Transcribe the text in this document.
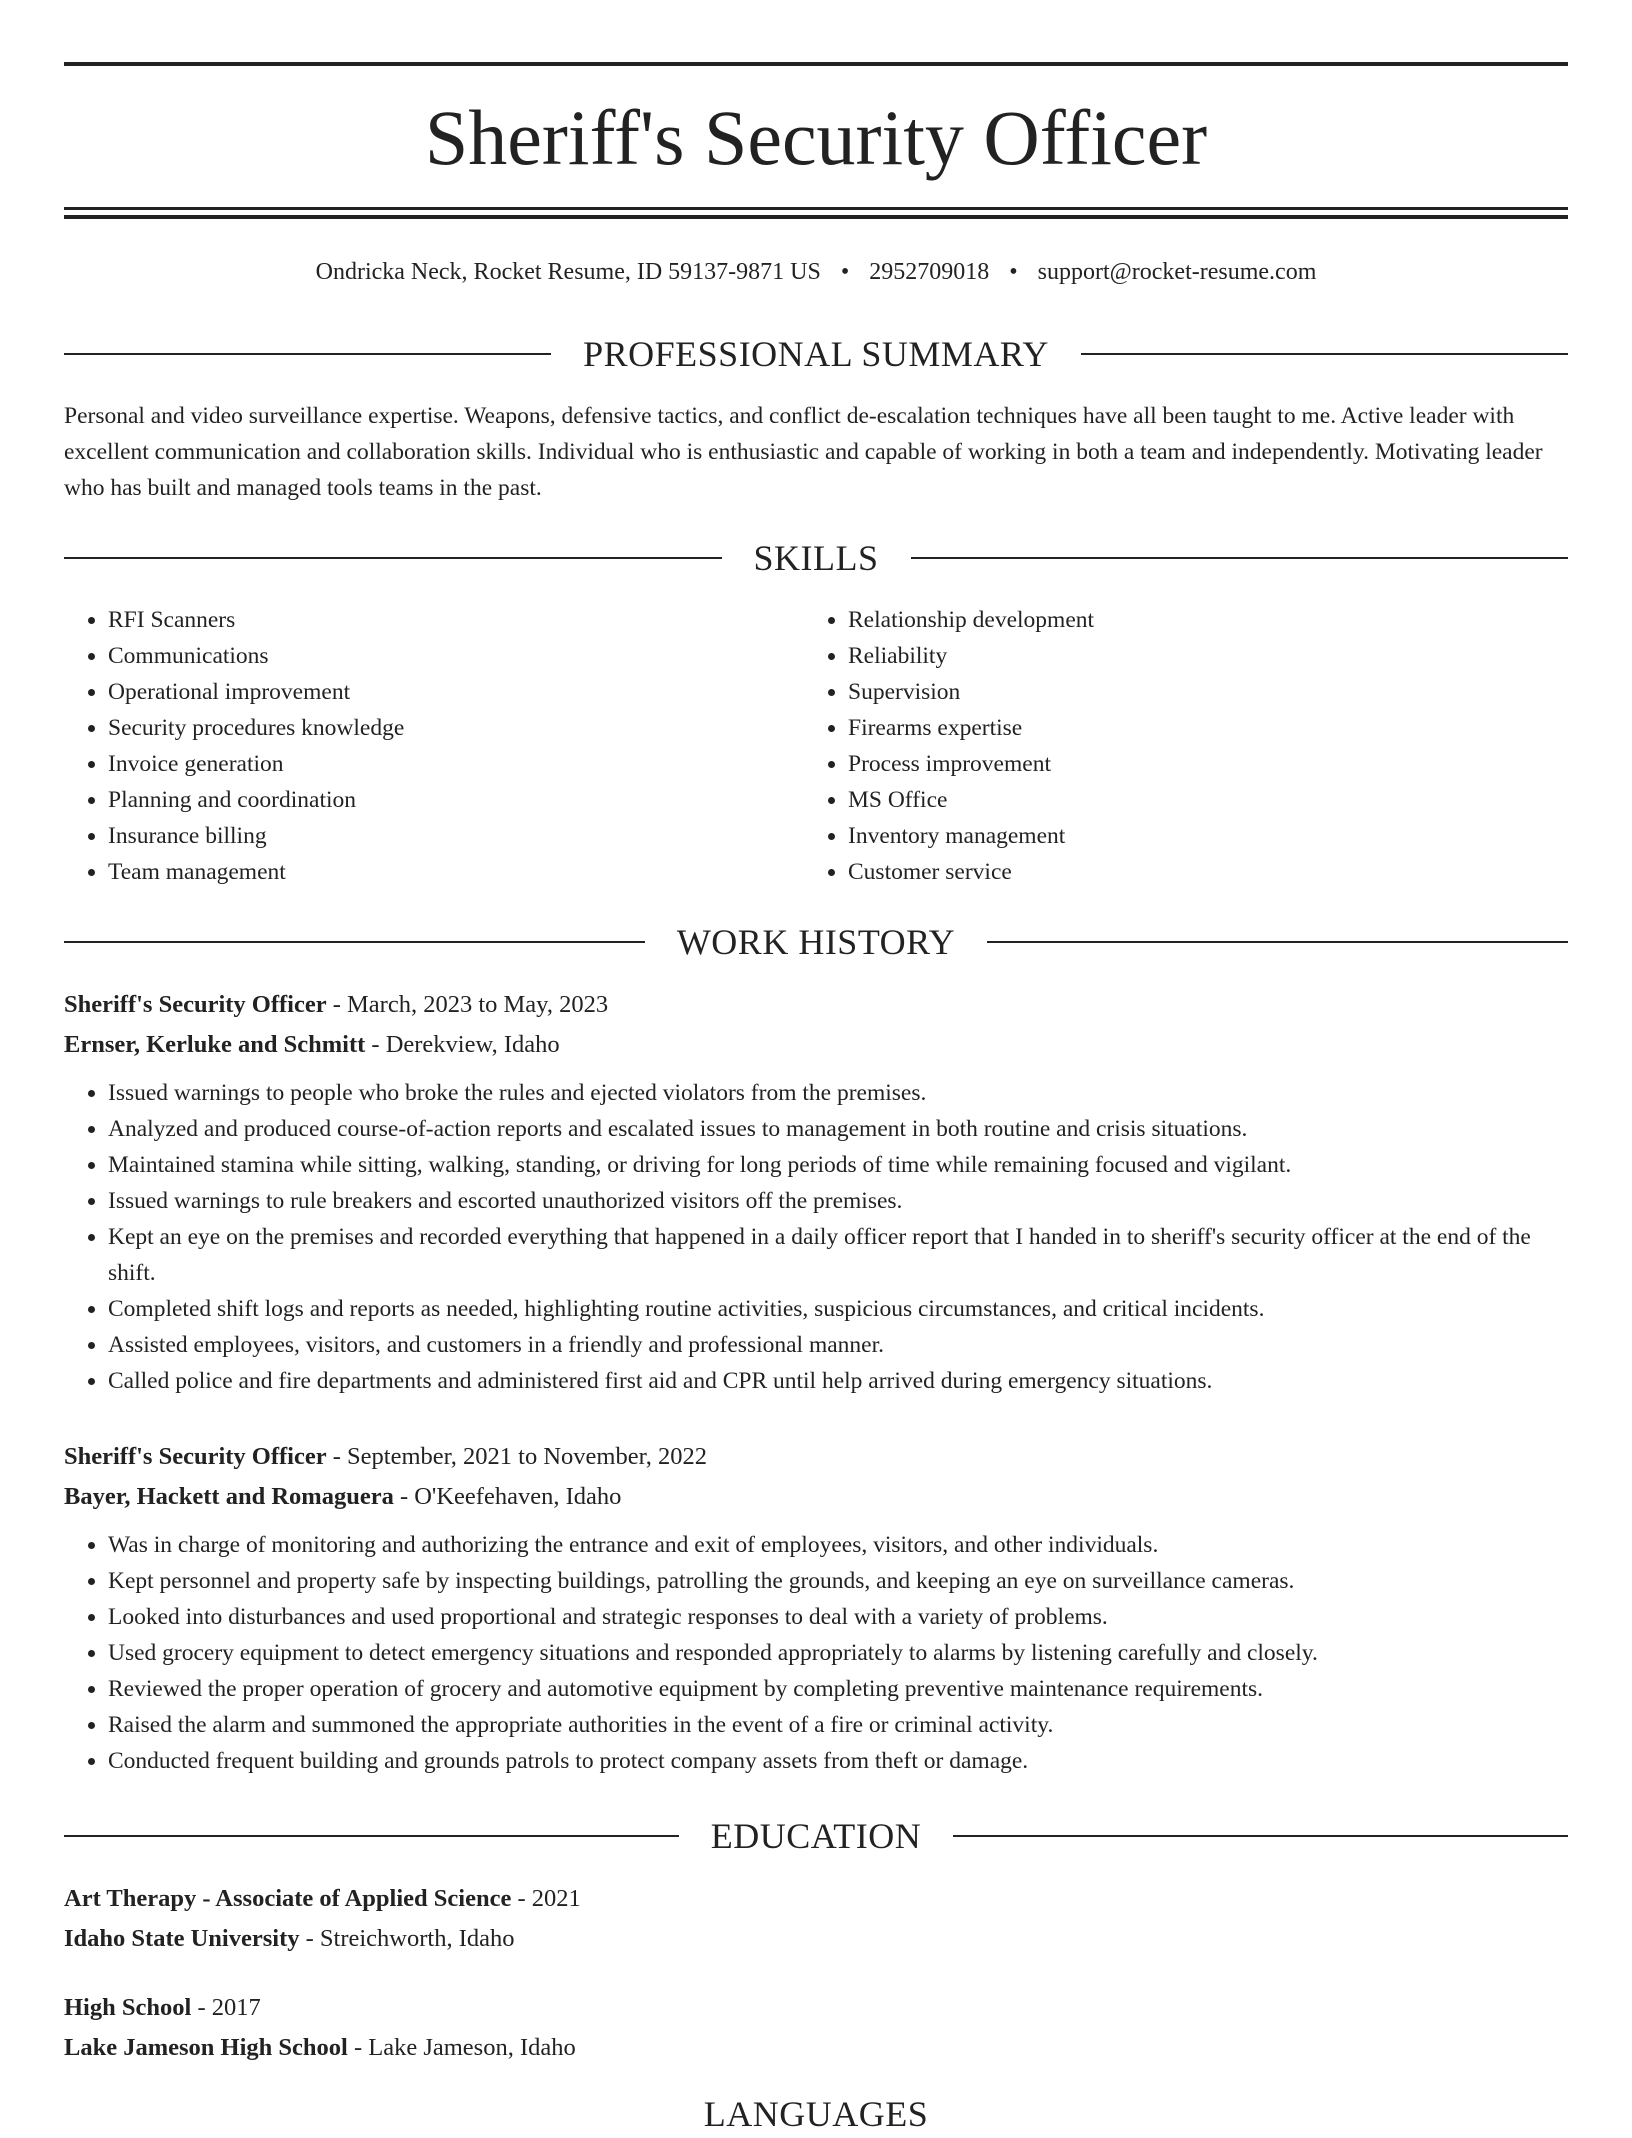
Sheriff's Security Officer
Ondricka Neck, Rocket Resume, ID 59137-9871 US • 2952709018 • support@rocket-resume.com
PROFESSIONAL SUMMARY

Personal and video surveillance expertise. Weapons, defensive tactics, and conflict de-escalation techniques have all been taught to me. Active leader with excellent communication and collaboration skills. Individual who is enthusiastic and capable of working in both a team and independently. Motivating leader who has built and managed tools teams in the past.

SKILLS
• RFI Scanners
• Communications
• Operational improvement
• Security procedures knowledge
• Invoice generation
• Planning and coordination
• Insurance billing
• Team management
• Relationship development
• Reliability
• Supervision
• Firearms expertise
• Process improvement
• MS Office
• Inventory management
• Customer service
WORK HISTORY
Sheriff's Security Officer - March, 2023 to May, 2023
Ernser, Kerluke and Schmitt - Derekview, Idaho
• Issued warnings to people who broke the rules and ejected violators from the premises.
• Analyzed and produced course-of-action reports and escalated issues to management in both routine and crisis situations.
• Maintained stamina while sitting, walking, standing, or driving for long periods of time while remaining focused and vigilant.
• Issued warnings to rule breakers and escorted unauthorized visitors off the premises.
• Kept an eye on the premises and recorded everything that happened in a daily officer report that I handed in to sheriff's security officer at the end of the shift.
• Completed shift logs and reports as needed, highlighting routine activities, suspicious circumstances, and critical incidents.
• Assisted employees, visitors, and customers in a friendly and professional manner.
• Called police and fire departments and administered first aid and CPR until help arrived during emergency situations.
Sheriff's Security Officer - September, 2021 to November, 2022
Bayer, Hackett and Romaguera - O'Keefehaven, Idaho
• Was in charge of monitoring and authorizing the entrance and exit of employees, visitors, and other individuals.
• Kept personnel and property safe by inspecting buildings, patrolling the grounds, and keeping an eye on surveillance cameras.
• Looked into disturbances and used proportional and strategic responses to deal with a variety of problems.
• Used grocery equipment to detect emergency situations and responded appropriately to alarms by listening carefully and closely.
• Reviewed the proper operation of grocery and automotive equipment by completing preventive maintenance requirements.
• Raised the alarm and summoned the appropriate authorities in the event of a fire or criminal activity.
• Conducted frequent building and grounds patrols to protect company assets from theft or damage.
EDUCATION
Art Therapy - Associate of Applied Science - 2021
Idaho State University - Streichworth, Idaho
High School - 2017
Lake Jameson High School - Lake Jameson, Idaho
LANGUAGES
